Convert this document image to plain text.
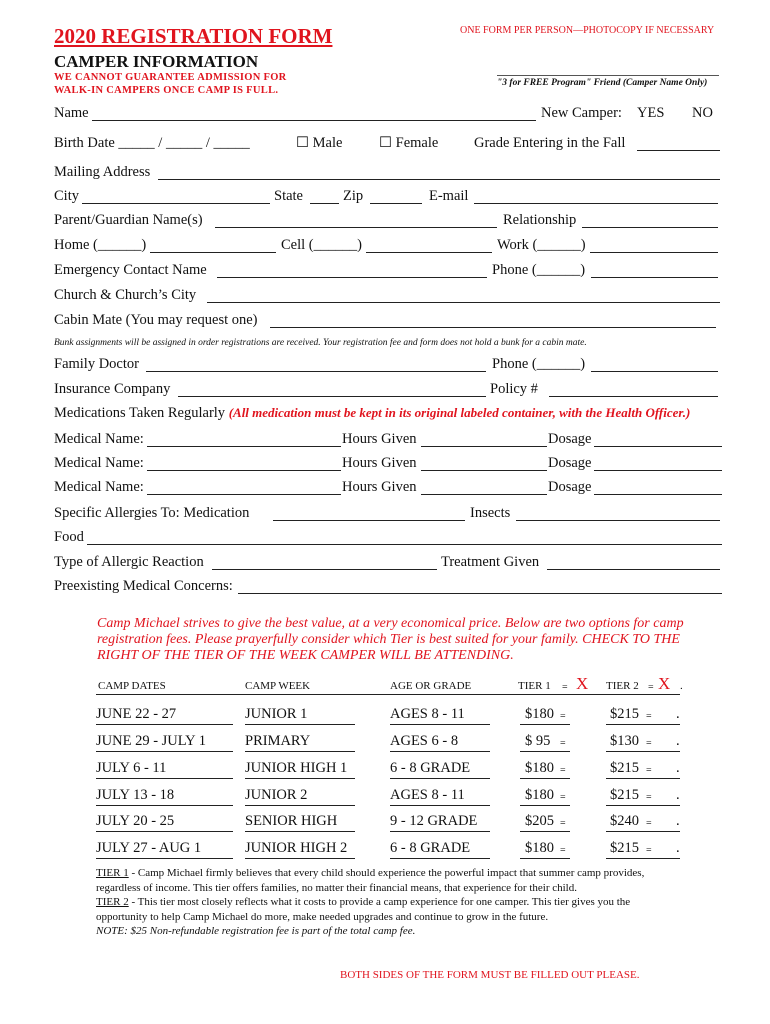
2020 REGISTRATION FORM	ONE FORM PER PERSON—PHOTOCOPY IF NECESSARY
CAMPER INFORMATION
WE CANNOT GUARANTEE ADMISSION FOR
WALK-IN CAMPERS ONCE CAMP IS FULL.
"3 for FREE Program" Friend (Camper Name Only)
Name	New Camper: YES NO
Birth Date _____ / _____ / _____	☐ Male	☐ Female Grade Entering in the Fall
Mailing Address
City	State	Zip	E-mail
Parent/Guardian Name(s)	Relationship
Home (______)	Cell (______)	Work (______)
Emergency Contact Name	Phone (______)
Church & Church’s City
Cabin Mate (You may request one)
Bunk assignments will be assigned in order registrations are received. Your registration fee and form does not hold a bunk for a cabin mate.
Family Doctor	Phone (______)
Insurance Company	Policy #
Medications Taken Regularly (All medication must be kept in its original labeled container, with the Health Officer.)
Medical Name:	Hours Given	Dosage
Medical Name:	Hours Given	Dosage
Medical Name:	Hours Given	Dosage
Specific Allergies To: Medication	Insects
Food
Type of Allergic Reaction	Treatment Given
Preexisting Medical Concerns:
Camp Michael strives to give the best value, at a very economical price. Below are two options for camp registration fees. Please prayerfully consider which Tier is best suited for your family. CHECK TO THE RIGHT OF THE TIER OF THE WEEK CAMPER WILL BE ATTENDING.
CAMP DATES	CAMP WEEK	AGE OR GRADE	TIER 1 = X TIER 2 = X .
JUNE 22 - 27	JUNIOR 1	AGES 8 - 11	$180 =	$215 = .
JUNE 29 - JULY 1	PRIMARY	AGES 6 - 8	$ 95 =	$130 = .
JULY 6 - 11	JUNIOR HIGH 1	6 - 8 GRADE	$180 =	$215 = .
JULY 13 - 18	JUNIOR 2	AGES 8 - 11	$180 =	$215 = .
JULY 20 - 25	SENIOR HIGH	9 - 12 GRADE	$205 =	$240 = .
JULY 27 - AUG 1	JUNIOR HIGH 2	6 - 8 GRADE	$180 =	$215 = .
TIER 1 - Camp Michael firmly believes that every child should experience the powerful impact that summer camp provides, regardless of income. This tier offers families, no matter their financial means, that experience for their child.
TIER 2 - This tier most closely reflects what it costs to provide a camp experience for one camper. This tier gives you the opportunity to help Camp Michael do more, make needed upgrades and continue to grow in the future.
NOTE: $25 Non-refundable registration fee is part of the total camp fee.
BOTH SIDES OF THE FORM MUST BE FILLED OUT PLEASE.
